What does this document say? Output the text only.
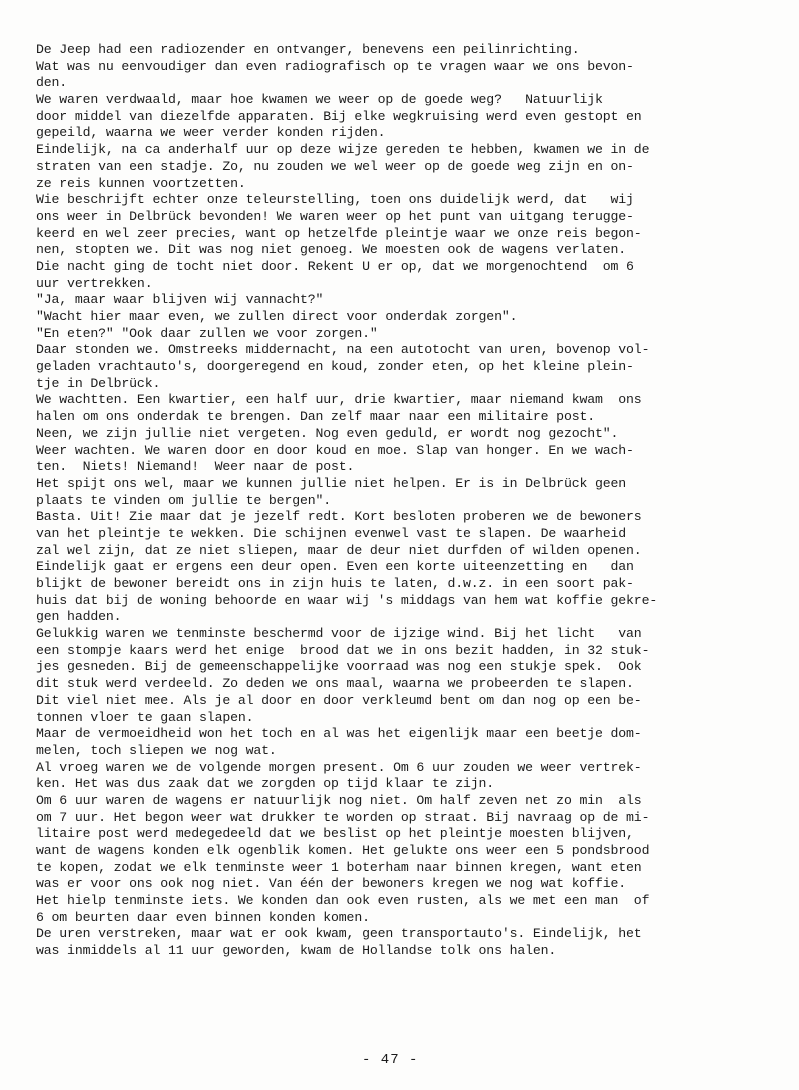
De Jeep had een radiozender en ontvanger, benevens een peilinrichting.
Wat was nu eenvoudiger dan even radiografisch op te vragen waar we ons bevon-
den.
We waren verdwaald, maar hoe kwamen we weer op de goede weg?   Natuurlijk
door middel van diezelfde apparaten. Bij elke wegkruising werd even gestopt en
gepeild, waarna we weer verder konden rijden.
Eindelijk, na ca anderhalf uur op deze wijze gereden te hebben, kwamen we in de
straten van een stadje. Zo, nu zouden we wel weer op de goede weg zijn en on-
ze reis kunnen voortzetten.
Wie beschrijft echter onze teleurstelling, toen ons duidelijk werd, dat   wij
ons weer in Delbrück bevonden! We waren weer op het punt van uitgang terugge-
keerd en wel zeer precies, want op hetzelfde pleintje waar we onze reis begon-
nen, stopten we. Dit was nog niet genoeg. We moesten ook de wagens verlaten.
Die nacht ging de tocht niet door. Rekent U er op, dat we morgenochtend  om 6
uur vertrekken.
"Ja, maar waar blijven wij vannacht?"
"Wacht hier maar even, we zullen direct voor onderdak zorgen".
"En eten?" "Ook daar zullen we voor zorgen."
Daar stonden we. Omstreeks middernacht, na een autotocht van uren, bovenop vol-
geladen vrachtauto's, doorgeregend en koud, zonder eten, op het kleine plein-
tje in Delbrück.
We wachtten. Een kwartier, een half uur, drie kwartier, maar niemand kwam  ons
halen om ons onderdak te brengen. Dan zelf maar naar een militaire post.
Neen, we zijn jullie niet vergeten. Nog even geduld, er wordt nog gezocht".
Weer wachten. We waren door en door koud en moe. Slap van honger. En we wach-
ten.  Niets! Niemand!  Weer naar de post.
Het spijt ons wel, maar we kunnen jullie niet helpen. Er is in Delbrück geen
plaats te vinden om jullie te bergen".
Basta. Uit! Zie maar dat je jezelf redt. Kort besloten proberen we de bewoners
van het pleintje te wekken. Die schijnen evenwel vast te slapen. De waarheid
zal wel zijn, dat ze niet sliepen, maar de deur niet durfden of wilden openen.
Eindelijk gaat er ergens een deur open. Even een korte uiteenzetting en   dan
blijkt de bewoner bereidt ons in zijn huis te laten, d.w.z. in een soort pak-
huis dat bij de woning behoorde en waar wij 's middags van hem wat koffie gekre-
gen hadden.
Gelukkig waren we tenminste beschermd voor de ijzige wind. Bij het licht   van
een stompje kaars werd het enige  brood dat we in ons bezit hadden, in 32 stuk-
jes gesneden. Bij de gemeenschappelijke voorraad was nog een stukje spek.  Ook
dit stuk werd verdeeld. Zo deden we ons maal, waarna we probeerden te slapen.
Dit viel niet mee. Als je al door en door verkleumd bent om dan nog op een be-
tonnen vloer te gaan slapen.
Maar de vermoeidheid won het toch en al was het eigenlijk maar een beetje dom-
melen, toch sliepen we nog wat.
Al vroeg waren we de volgende morgen present. Om 6 uur zouden we weer vertrek-
ken. Het was dus zaak dat we zorgden op tijd klaar te zijn.
Om 6 uur waren de wagens er natuurlijk nog niet. Om half zeven net zo min  als
om 7 uur. Het begon weer wat drukker te worden op straat. Bij navraag op de mi-
litaire post werd medegedeeld dat we beslist op het pleintje moesten blijven,
want de wagens konden elk ogenblik komen. Het gelukte ons weer een 5 pondsbrood
te kopen, zodat we elk tenminste weer 1 boterham naar binnen kregen, want eten
was er voor ons ook nog niet. Van één der bewoners kregen we nog wat koffie.
Het hielp tenminste iets. We konden dan ook even rusten, als we met een man  of
6 om beurten daar even binnen konden komen.
De uren verstreken, maar wat er ook kwam, geen transportauto's. Eindelijk, het
was inmiddels al 11 uur geworden, kwam de Hollandse tolk ons halen.
- 47 -
